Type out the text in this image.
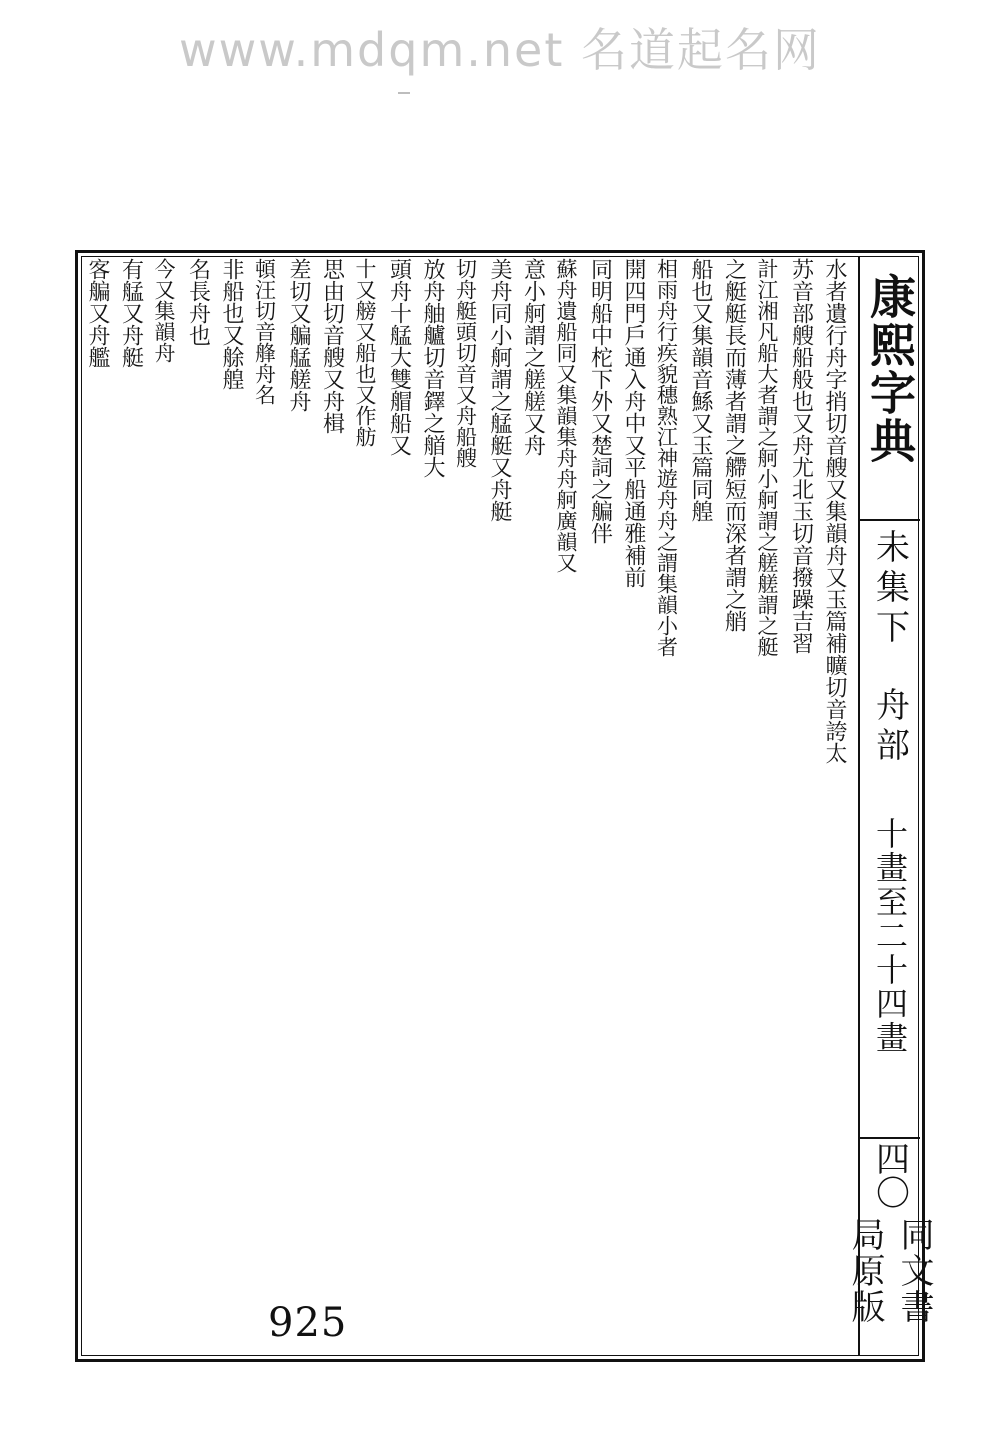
www.mdqm.net 名道起名网
水者遺行舟字捎切音艘又集韻舟又玉篇補曠切音誇太
苏音部艘船般也又舟尤北玉切音撥躁吉習
計江湘凡船大者謂之舸小舸謂之艖艖謂之艇
之艇艇長而薄者謂之艜短而深者謂之艄
船也又集韻音鯀又玉篇同艎
相雨舟行疾貌穗熟江神遊舟舟之謂集韻小者
開四門戶通入舟中又平船通雅補前
同明船中柁下外又楚詞之艑伴
蘇舟遺船同又集韻集舟舟舸廣韻又
意小舸謂之艖艖又舟
美舟同小舸謂之艋艇又舟艇
切舟艇頭切音又舟船艘
放舟舳艫切音鐸之艏大
頭舟十艋大雙艒船又
十又艕又船也又作舫
思由切音艘又舟楫
差切又艑艋艖舟
頓汪切音艂舟名
非船也又艅艎
名長舟也
今又集韻舟
有艋又舟艇
客艑又舟艦	康熙字典
未集下
舟部
十畫至二十四畫
四〇
同文書局原版
925
